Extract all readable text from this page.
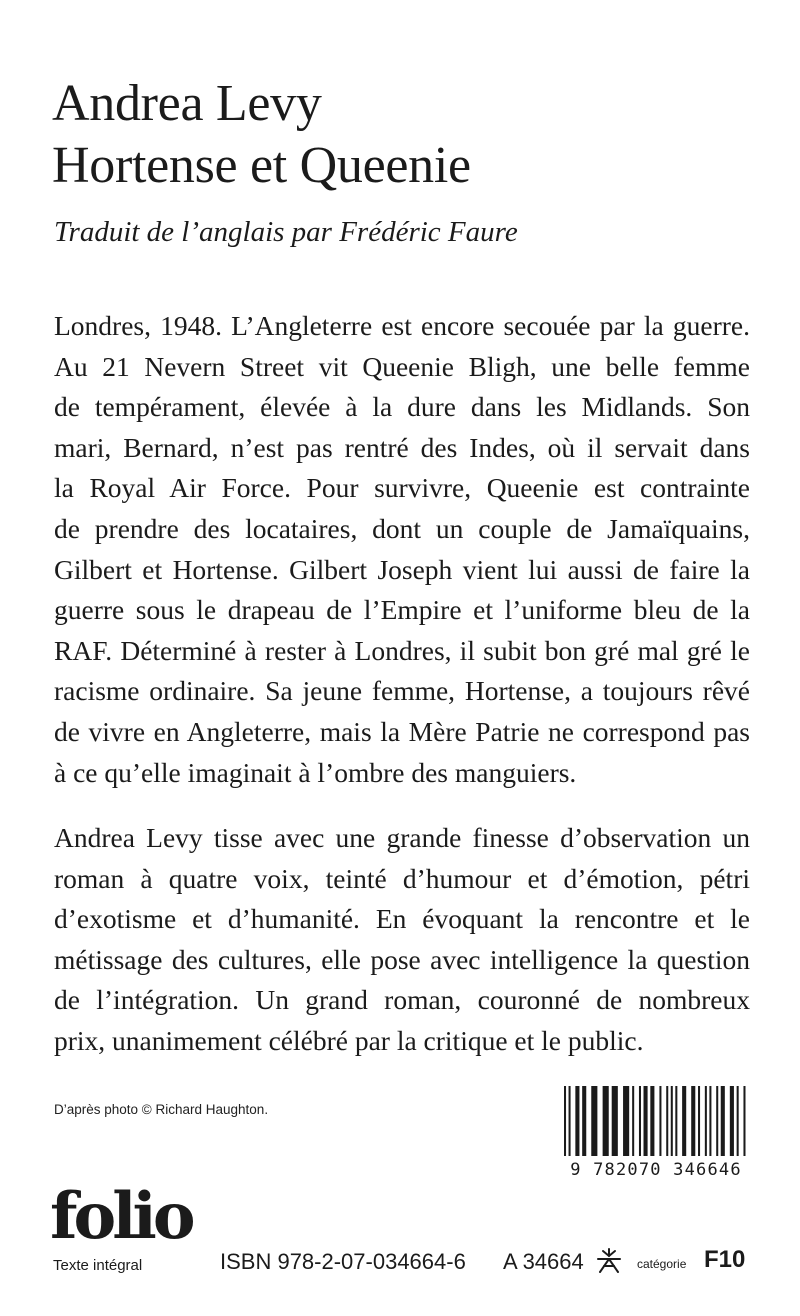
Andrea Levy
Hortense et Queenie
Traduit de l’anglais par Frédéric Faure
Londres, 1948. L’Angleterre est encore secouée par la guerre.
Au 21 Nevern Street vit Queenie Bligh, une belle femme
de tempérament, élevée à la dure dans les Midlands. Son
mari, Bernard, n’est pas rentré des Indes, où il servait dans
la Royal Air Force. Pour survivre, Queenie est contrainte
de prendre des locataires, dont un couple de Jamaïquains,
Gilbert et Hortense. Gilbert Joseph vient lui aussi de faire la
guerre sous le drapeau de l’Empire et l’uniforme bleu de la
RAF. Déterminé à rester à Londres, il subit bon gré mal gré le
racisme ordinaire. Sa jeune femme, Hortense, a toujours rêvé
de vivre en Angleterre, mais la Mère Patrie ne correspond pas
à ce qu’elle imaginait à l’ombre des manguiers.
Andrea Levy tisse avec une grande finesse d’observation un
roman à quatre voix, teinté d’humour et d’émotion, pétri
d’exotisme et d’humanité. En évoquant la rencontre et le
métissage des cultures, elle pose avec intelligence la question
de l’intégration. Un grand roman, couronné de nombreux
prix, unanimement célébré par la critique et le public.
D’après photo © Richard Haughton.
9 782070 346646
folio
Texte intégral	ISBN 978-2-07-034664-6 A 34664	catégorie F10
